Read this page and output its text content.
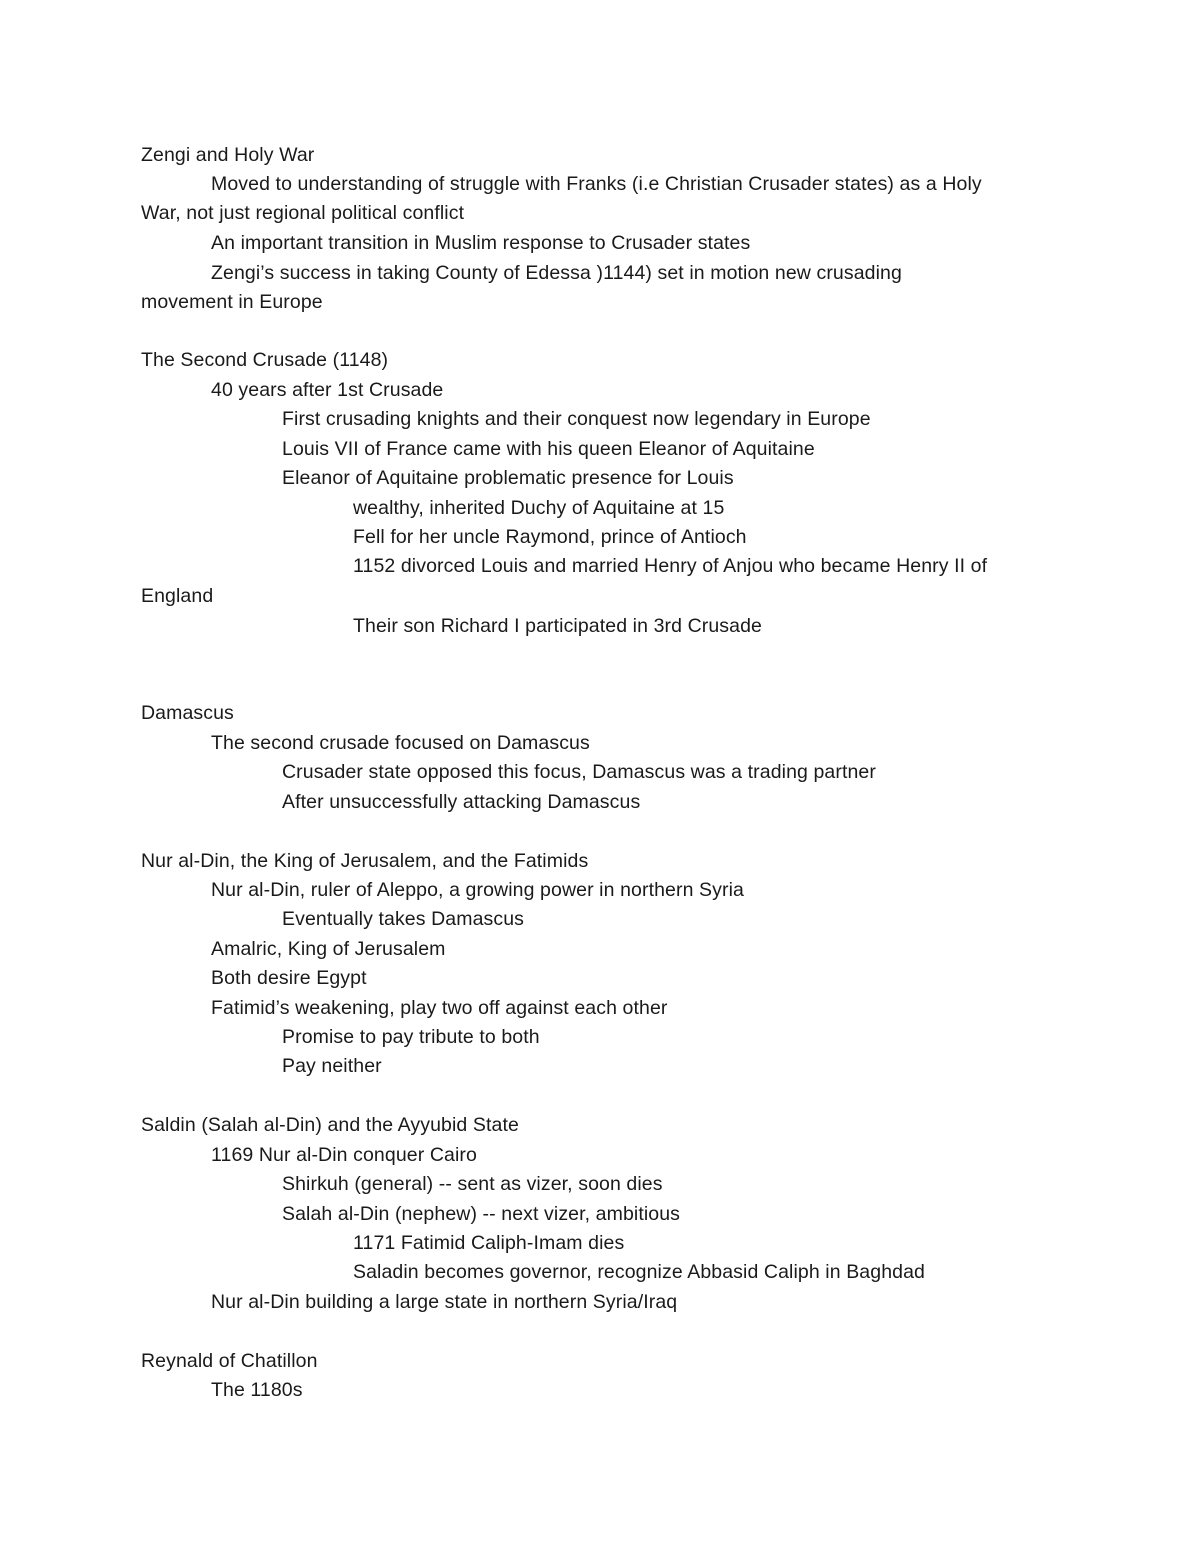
Zengi and Holy War
Moved to understanding of struggle with Franks (i.e Christian Crusader states) as a Holy
War, not just regional political conflict
An important transition in Muslim response to Crusader states
Zengi’s success in taking County of Edessa )1144) set in motion new crusading
movement in Europe
The Second Crusade (1148)
40 years after 1st Crusade
First crusading knights and their conquest now legendary in Europe
Louis VII of France came with his queen Eleanor of Aquitaine
Eleanor of Aquitaine problematic presence for Louis
wealthy, inherited Duchy of Aquitaine at 15
Fell for her uncle Raymond, prince of Antioch
1152 divorced Louis and married Henry of Anjou who became Henry II of
England
Their son Richard I participated in 3rd Crusade
Damascus
The second crusade focused on Damascus
Crusader state opposed this focus, Damascus was a trading partner
After unsuccessfully attacking Damascus
Nur al-Din, the King of Jerusalem, and the Fatimids
Nur al-Din, ruler of Aleppo, a growing power in northern Syria
Eventually takes Damascus
Amalric, King of Jerusalem
Both desire Egypt
Fatimid’s weakening, play two off against each other
Promise to pay tribute to both
Pay neither
Saldin (Salah al-Din) and the Ayyubid State
1169 Nur al-Din conquer Cairo
Shirkuh (general) -- sent as vizer, soon dies
Salah al-Din (nephew) -- next vizer, ambitious
1171 Fatimid Caliph-Imam dies
Saladin becomes governor, recognize Abbasid Caliph in Baghdad
Nur al-Din building a large state in northern Syria/Iraq
Reynald of Chatillon
The 1180s
